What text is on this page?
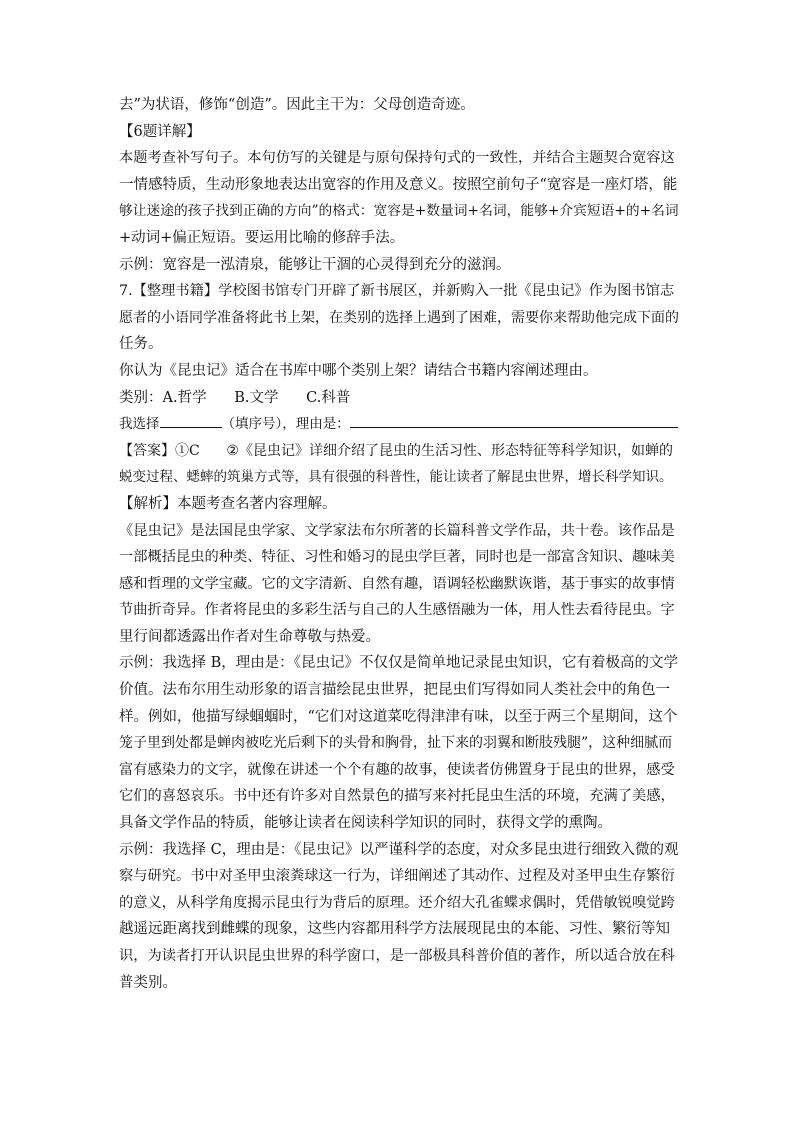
去”为状语，修饰“创造”。因此主干为：父母创造奇迹。
【6题详解】
本题考查补写句子。本句仿写的关键是与原句保持句式的一致性，并结合主题契合宽容这
一情感特质，生动形象地表达出宽容的作用及意义。按照空前句子“宽容是一座灯塔，能
够让迷途的孩子找到正确的方向”的格式：宽容是+数量词+名词，能够+介宾短语+的+名词
+动词+偏正短语。要运用比喻的修辞手法。
示例：宽容是一泓清泉，能够让干涸的心灵得到充分的滋润。
7.【整理书籍】学校图书馆专门开辟了新书展区，并新购入一批《昆虫记》作为图书馆志
愿者的小语同学准备将此书上架，在类别的选择上遇到了困难，需要你来帮助他完成下面的
任务。
你认为《昆虫记》适合在书库中哪个类别上架？请结合书籍内容阐述理由。
类别：A.哲学      B.文学      C.科普
我选择	（填序号），理由是：
【答案】①C      ②《昆虫记》详细介绍了昆虫的生活习性、形态特征等科学知识，如蝉的
蜕变过程、蟋蟀的筑巢方式等，具有很强的科普性，能让读者了解昆虫世界，增长科学知识。
【解析】本题考查名著内容理解。
《昆虫记》是法国昆虫学家、文学家法布尔所著的长篇科普文学作品，共十卷。该作品是
一部概括昆虫的种类、特征、习性和婚习的昆虫学巨著，同时也是一部富含知识、趣味美
感和哲理的文学宝藏。它的文字清新、自然有趣，语调轻松幽默诙谐，基于事实的故事情
节曲折奇异。作者将昆虫的多彩生活与自己的人生感悟融为一体，用人性去看待昆虫。字
里行间都透露出作者对生命尊敬与热爱。
示例：我选择 B，理由是：《昆虫记》不仅仅是简单地记录昆虫知识，它有着极高的文学
价值。法布尔用生动形象的语言描绘昆虫世界，把昆虫们写得如同人类社会中的角色一
样。例如，他描写绿蝈蝈时，“它们对这道菜吃得津津有味，以至于两三个星期间，这个
笼子里到处都是蝉肉被吃光后剩下的头骨和胸骨，扯下来的羽翼和断肢残腿”，这种细腻而
富有感染力的文字，就像在讲述一个个有趣的故事，使读者仿佛置身于昆虫的世界，感受
它们的喜怒哀乐。书中还有许多对自然景色的描写来衬托昆虫生活的环境，充满了美感，
具备文学作品的特质，能够让读者在阅读科学知识的同时，获得文学的熏陶。
示例：我选择 C，理由是：《昆虫记》以严谨科学的态度，对众多昆虫进行细致入微的观
察与研究。书中对圣甲虫滚粪球这一行为，详细阐述了其动作、过程及对圣甲虫生存繁衍
的意义，从科学角度揭示昆虫行为背后的原理。还介绍大孔雀蝶求偶时，凭借敏锐嗅觉跨
越遥远距离找到雌蝶的现象，这些内容都用科学方法展现昆虫的本能、习性、繁衍等知
识，为读者打开认识昆虫世界的科学窗口，是一部极具科普价值的著作，所以适合放在科
普类别。
